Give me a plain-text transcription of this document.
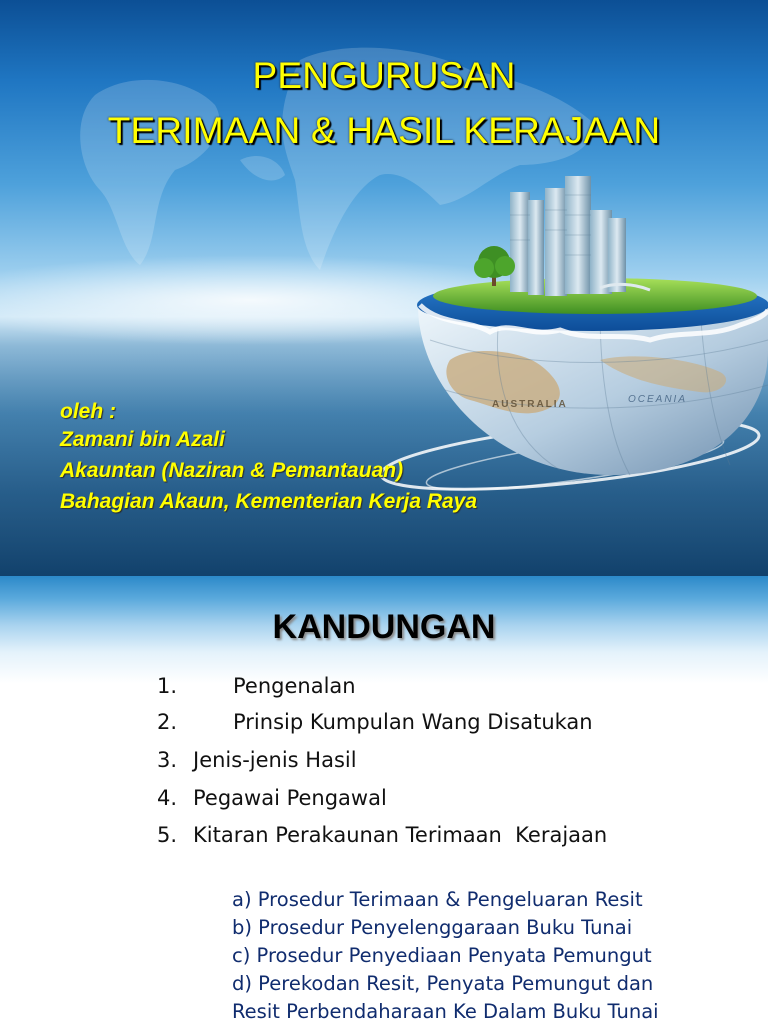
AUSTRALIA	OCEANIA
PENGURUSAN
TERIMAAN & HASIL KERAJAAN
oleh :
Zamani bin Azali
Akauntan (Naziran & Pemantauan)
Bahagian Akaun, Kementerian Kerja Raya
KANDUNGAN
1.	Pengenalan
2.	Prinsip Kumpulan Wang Disatukan
3. Jenis-jenis Hasil
4. Pegawai Pengawal
5. Kitaran Perakaunan Terimaan  Kerajaan
a) Prosedur Terimaan & Pengeluaran Resit
b) Prosedur Penyelenggaraan Buku Tunai
c) Prosedur Penyediaan Penyata Pemungut
d) Perekodan Resit, Penyata Pemungut dan
Resit Perbendaharaan Ke Dalam Buku Tunai
